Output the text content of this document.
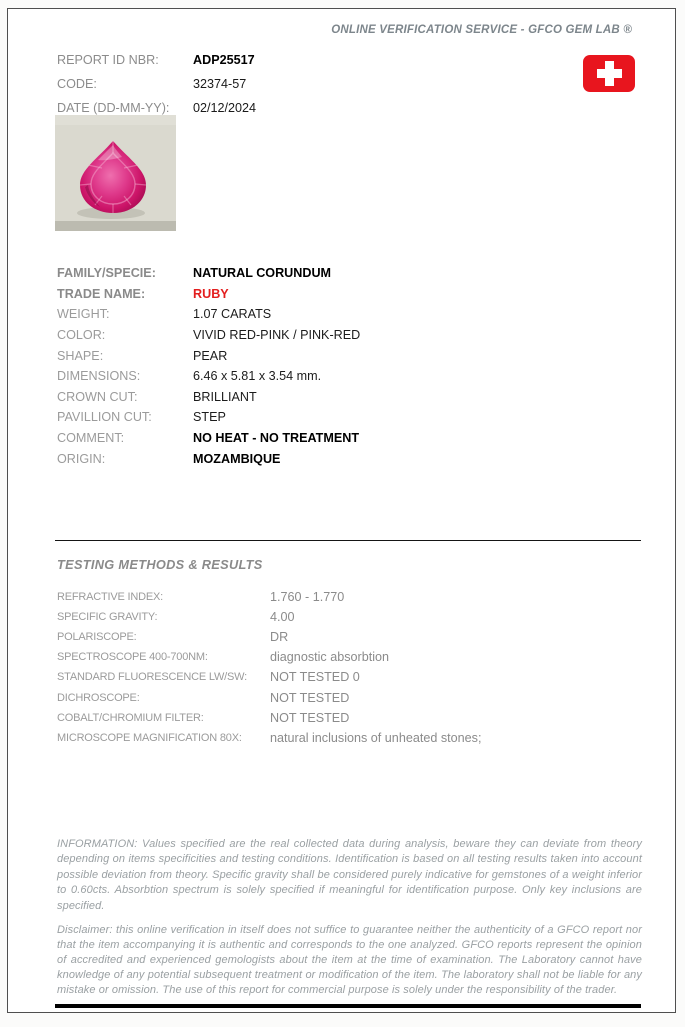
ONLINE VERIFICATION SERVICE - GFCO GEM LAB ®
REPORT ID NBR:	ADP25517
CODE:	32374-57
DATE (DD-MM-YY):	02/12/2024
FAMILY/SPECIE:	NATURAL CORUNDUM
TRADE NAME:	RUBY
WEIGHT:	1.07 CARATS
COLOR:	VIVID RED-PINK / PINK-RED
SHAPE:	PEAR
DIMENSIONS:	6.46 x 5.81 x 3.54 mm.
CROWN CUT:	BRILLIANT
PAVILLION CUT:	STEP
COMMENT:	NO HEAT - NO TREATMENT
ORIGIN:	MOZAMBIQUE
TESTING METHODS & RESULTS
REFRACTIVE INDEX:	1.760 - 1.770
SPECIFIC GRAVITY:	4.00
POLARISCOPE:	DR
SPECTROSCOPE 400-700NM:	diagnostic absorbtion
STANDARD FLUORESCENCE LW/SW:	NOT TESTED 0
DICHROSCOPE:	NOT TESTED
COBALT/CHROMIUM FILTER:	NOT TESTED
MICROSCOPE MAGNIFICATION 80X:	natural inclusions of unheated stones;
INFORMATION: Values specified are the real collected data during analysis, beware they can deviate from theory depending on items specificities and testing conditions. Identification is based on all testing results taken into account possible deviation from theory. Specific gravity shall be considered purely indicative for gemstones of a weight inferior to 0.60cts. Absorbtion spectrum is solely specified if meaningful for identification purpose. Only key inclusions are specified.
Disclaimer: this online verification in itself does not suffice to guarantee neither the authenticity of a GFCO report nor that the item accompanying it is authentic and corresponds to the one analyzed. GFCO reports represent the opinion of accredited and experienced gemologists about the item at the time of examination. The Laboratory cannot have knowledge of any potential subsequent treatment or modification of the item. The laboratory shall not be liable for any mistake or omission. The use of this report for commercial purpose is solely under the responsibility of the trader.
